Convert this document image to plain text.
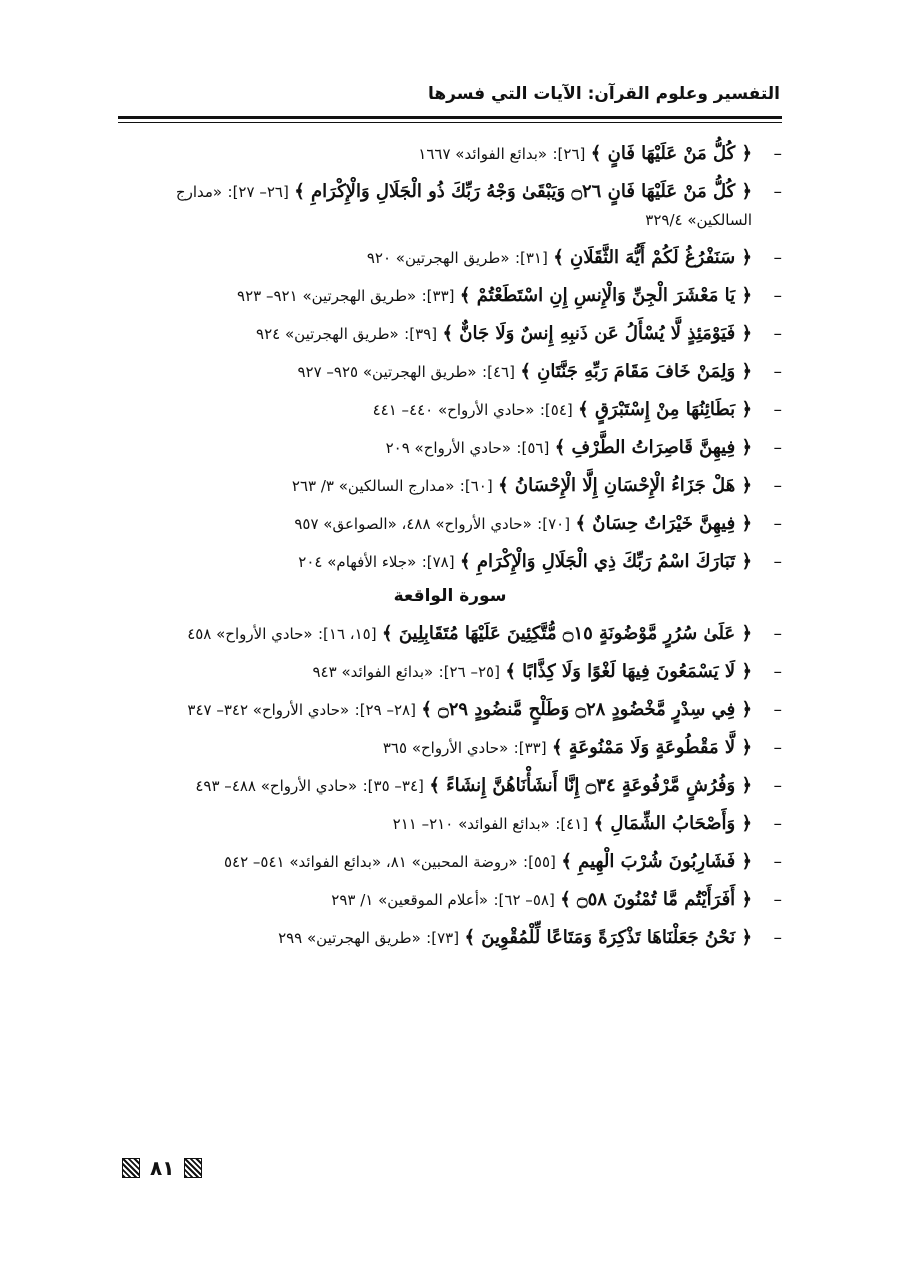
التفسير وعلوم القرآن: الآيات التي فسرها
–
﴿ كُلُّ مَنْ عَلَيْهَا فَانٍ ﴾ [٢٦]: «بدائع الفوائد» ١٦٦٧
–
﴿ كُلُّ مَنْ عَلَيْهَا فَانٍ ۝٢٦ وَيَبْقَىٰ وَجْهُ رَبِّكَ ذُو الْجَلَالِ وَالْإِكْرَامِ ﴾ [٢٦– ٢٧]: «مدارج السالكين» ٣٢٩/٤
–
﴿ سَنَفْرُغُ لَكُمْ أَيُّهَ الثَّقَلَانِ ﴾ [٣١]: «طريق الهجرتين» ٩٢٠
–
﴿ يَا مَعْشَرَ الْجِنِّ وَالْإِنسِ إِنِ اسْتَطَعْتُمْ ﴾ [٣٣]: «طريق الهجرتين» ٩٢١– ٩٢٣
–
﴿ فَيَوْمَئِذٍ لَّا يُسْأَلُ عَن ذَنبِهِ إِنسٌ وَلَا جَانٌّ ﴾ [٣٩]: «طريق الهجرتين» ٩٢٤
–
﴿ وَلِمَنْ خَافَ مَقَامَ رَبِّهِ جَنَّتَانِ ﴾ [٤٦]: «طريق الهجرتين» ٩٢٥– ٩٢٧
–
﴿ بَطَائِنُهَا مِنْ إِسْتَبْرَقٍ ﴾ [٥٤]: «حادي الأرواح» ٤٤٠– ٤٤١
–
﴿ فِيهِنَّ قَاصِرَاتُ الطَّرْفِ ﴾ [٥٦]: «حادي الأرواح» ٢٠٩
–
﴿ هَلْ جَزَاءُ الْإِحْسَانِ إِلَّا الْإِحْسَانُ ﴾ [٦٠]: «مدارج السالكين» ٣/ ٢٦٣
–
﴿ فِيهِنَّ خَيْرَاتٌ حِسَانٌ ﴾ [٧٠]: «حادي الأرواح» ٤٨٨، «الصواعق» ٩٥٧
–
﴿ تَبَارَكَ اسْمُ رَبِّكَ ذِي الْجَلَالِ وَالْإِكْرَامِ ﴾ [٧٨]: «جلاء الأفهام» ٢٠٤
سورة الواقعة
–
﴿ عَلَىٰ سُرُرٍ مَّوْضُونَةٍ ۝١٥ مُّتَّكِئِينَ عَلَيْهَا مُتَقَابِلِينَ ﴾ [١٥، ١٦]: «حادي الأرواح» ٤٥٨
–
﴿ لَا يَسْمَعُونَ فِيهَا لَغْوًا وَلَا كِذَّابًا ﴾ [٢٥– ٢٦]: «بدائع الفوائد» ٩٤٣
–
﴿ فِي سِدْرٍ مَّخْضُودٍ ۝٢٨ وَطَلْحٍ مَّنضُودٍ ۝٢٩ ﴾ [٢٨– ٢٩]: «حادي الأرواح» ٣٤٢– ٣٤٧
–
﴿ لَّا مَقْطُوعَةٍ وَلَا مَمْنُوعَةٍ ﴾ [٣٣]: «حادي الأرواح» ٣٦٥
–
﴿ وَفُرُشٍ مَّرْفُوعَةٍ ۝٣٤ إِنَّا أَنشَأْنَاهُنَّ إِنشَاءً ﴾ [٣٤– ٣٥]: «حادي الأرواح» ٤٨٨– ٤٩٣
–
﴿ وَأَصْحَابُ الشِّمَالِ ﴾ [٤١]: «بدائع الفوائد» ٢١٠– ٢١١
–
﴿ فَشَارِبُونَ شُرْبَ الْهِيمِ ﴾ [٥٥]: «روضة المحبين» ٨١، «بدائع الفوائد» ٥٤١– ٥٤٢
–
﴿ أَفَرَأَيْتُم مَّا تُمْنُونَ ۝٥٨ ﴾ [٥٨– ٦٢]: «أعلام الموقعين» ١/ ٢٩٣
–
﴿ نَحْنُ جَعَلْنَاهَا تَذْكِرَةً وَمَتَاعًا لِّلْمُقْوِينَ ﴾ [٧٣]: «طريق الهجرتين» ٢٩٩
٨١
